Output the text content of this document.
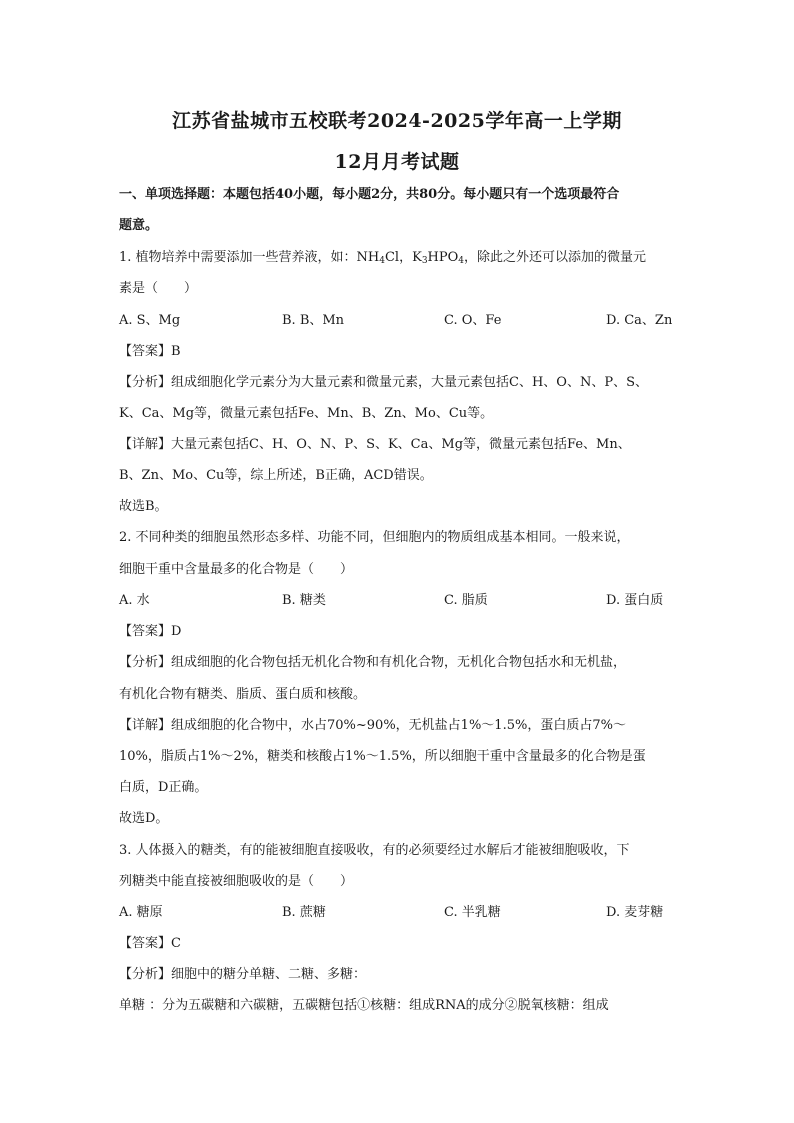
江苏省盐城市五校联考2024-2025学年高一上学期
12月月考试题
一、单项选择题：本题包括40小题，每小题2分，共80分。每小题只有一个选项最符合
题意。
1. 植物培养中需要添加一些营养液，如：$NH_4Cl$，$K_3HPO_4$，除此之外还可以添加的微量元
素是（　　）
A. S、Mg	B. B、Mn	C. O、Fe	D. Ca、Zn
【答案】B
【分析】组成细胞化学元素分为大量元素和微量元素，大量元素包括C、H、O、N、P、S、
K、Ca、Mg等，微量元素包括Fe、Mn、B、Zn、Mo、Cu等。
【详解】大量元素包括C、H、O、N、P、S、K、Ca、Mg等，微量元素包括Fe、Mn、
B、Zn、Mo、Cu等，综上所述，B正确，ACD错误。
故选B。
2. 不同种类的细胞虽然形态多样、功能不同，但细胞内的物质组成基本相同。一般来说，
细胞干重中含量最多的化合物是（　　）
A. 水	B. 糖类	C. 脂质	D. 蛋白质
【答案】D
【分析】组成细胞的化合物包括无机化合物和有机化合物，无机化合物包括水和无机盐，
有机化合物有糖类、脂质、蛋白质和核酸。
【详解】组成细胞的化合物中，水占70%~90%，无机盐占1%～1.5%，蛋白质占7%～
10%，脂质占1%～2%，糖类和核酸占1%～1.5%，所以细胞干重中含量最多的化合物是蛋
白质，D正确。
故选D。
3. 人体摄入的糖类，有的能被细胞直接吸收，有的必须要经过水解后才能被细胞吸收，下
列糖类中能直接被细胞吸收的是（　　）
A. 糖原	B. 蔗糖	C. 半乳糖	D. 麦芽糖
【答案】C
【分析】细胞中的糖分单糖、二糖、多糖：
单糖 ：分为五碳糖和六碳糖，五碳糖包括①核糖：组成RNA的成分②脱氧核糖：组成
